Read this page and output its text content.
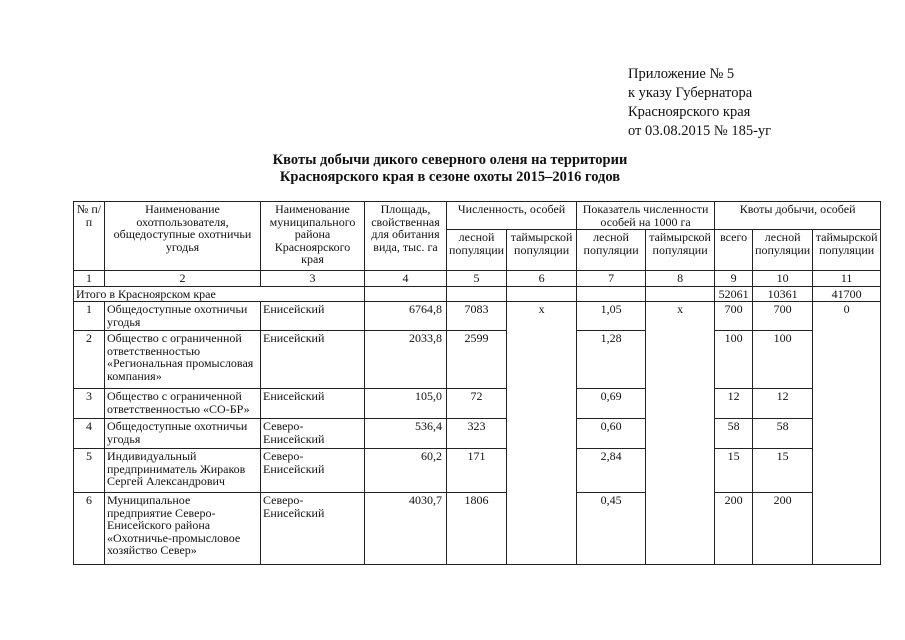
Приложение № 5
к указу Губернатора
Красноярского края
от 03.08.2015 № 185-уг
Квоты добычи дикого северного оленя на территории
Красноярского края в сезоне охоты 2015–2016 годов
№ п/п	Наименование охотпользователя, общедоступные охотничьи угодья	Наименование муниципального района Красноярского края	Площадь, свойственная для обитания вида, тыс. га	Численность, особей		Показатель численности особей на 1000 га		Квоты добычи, особей		
				лесной популяции	таймырской популяции	лесной популяции	таймырской популяции	всего	лесной популяции	таймырской популяции
1	2	3	4	5	6	7	8	9	10	11
Итого в Красноярском крае								52061	10361	41700
1	Общедоступные охотничьи угодья	Енисейский	6764,8	7083	х	1,05	х	700	700	0
2	Общество с ограниченной ответственностью «Региональная промысловая компания»	Енисейский	2033,8	2599		1,28		100	100	
3	Общество с ограниченной ответственностью «СО-БР»	Енисейский	105,0	72		0,69		12	12	
4	Общедоступные охотничьи угодья	Северо-Енисейский	536,4	323		0,60		58	58	
5	Индивидуальный предприниматель Жираков Сергей Александрович	Северо-Енисейский	60,2	171		2,84		15	15	
6	Муниципальное предприятие Северо-Енисейского района «Охотничье-промысловое хозяйство Север»	Северо-Енисейский	4030,7	1806		0,45		200	200	
